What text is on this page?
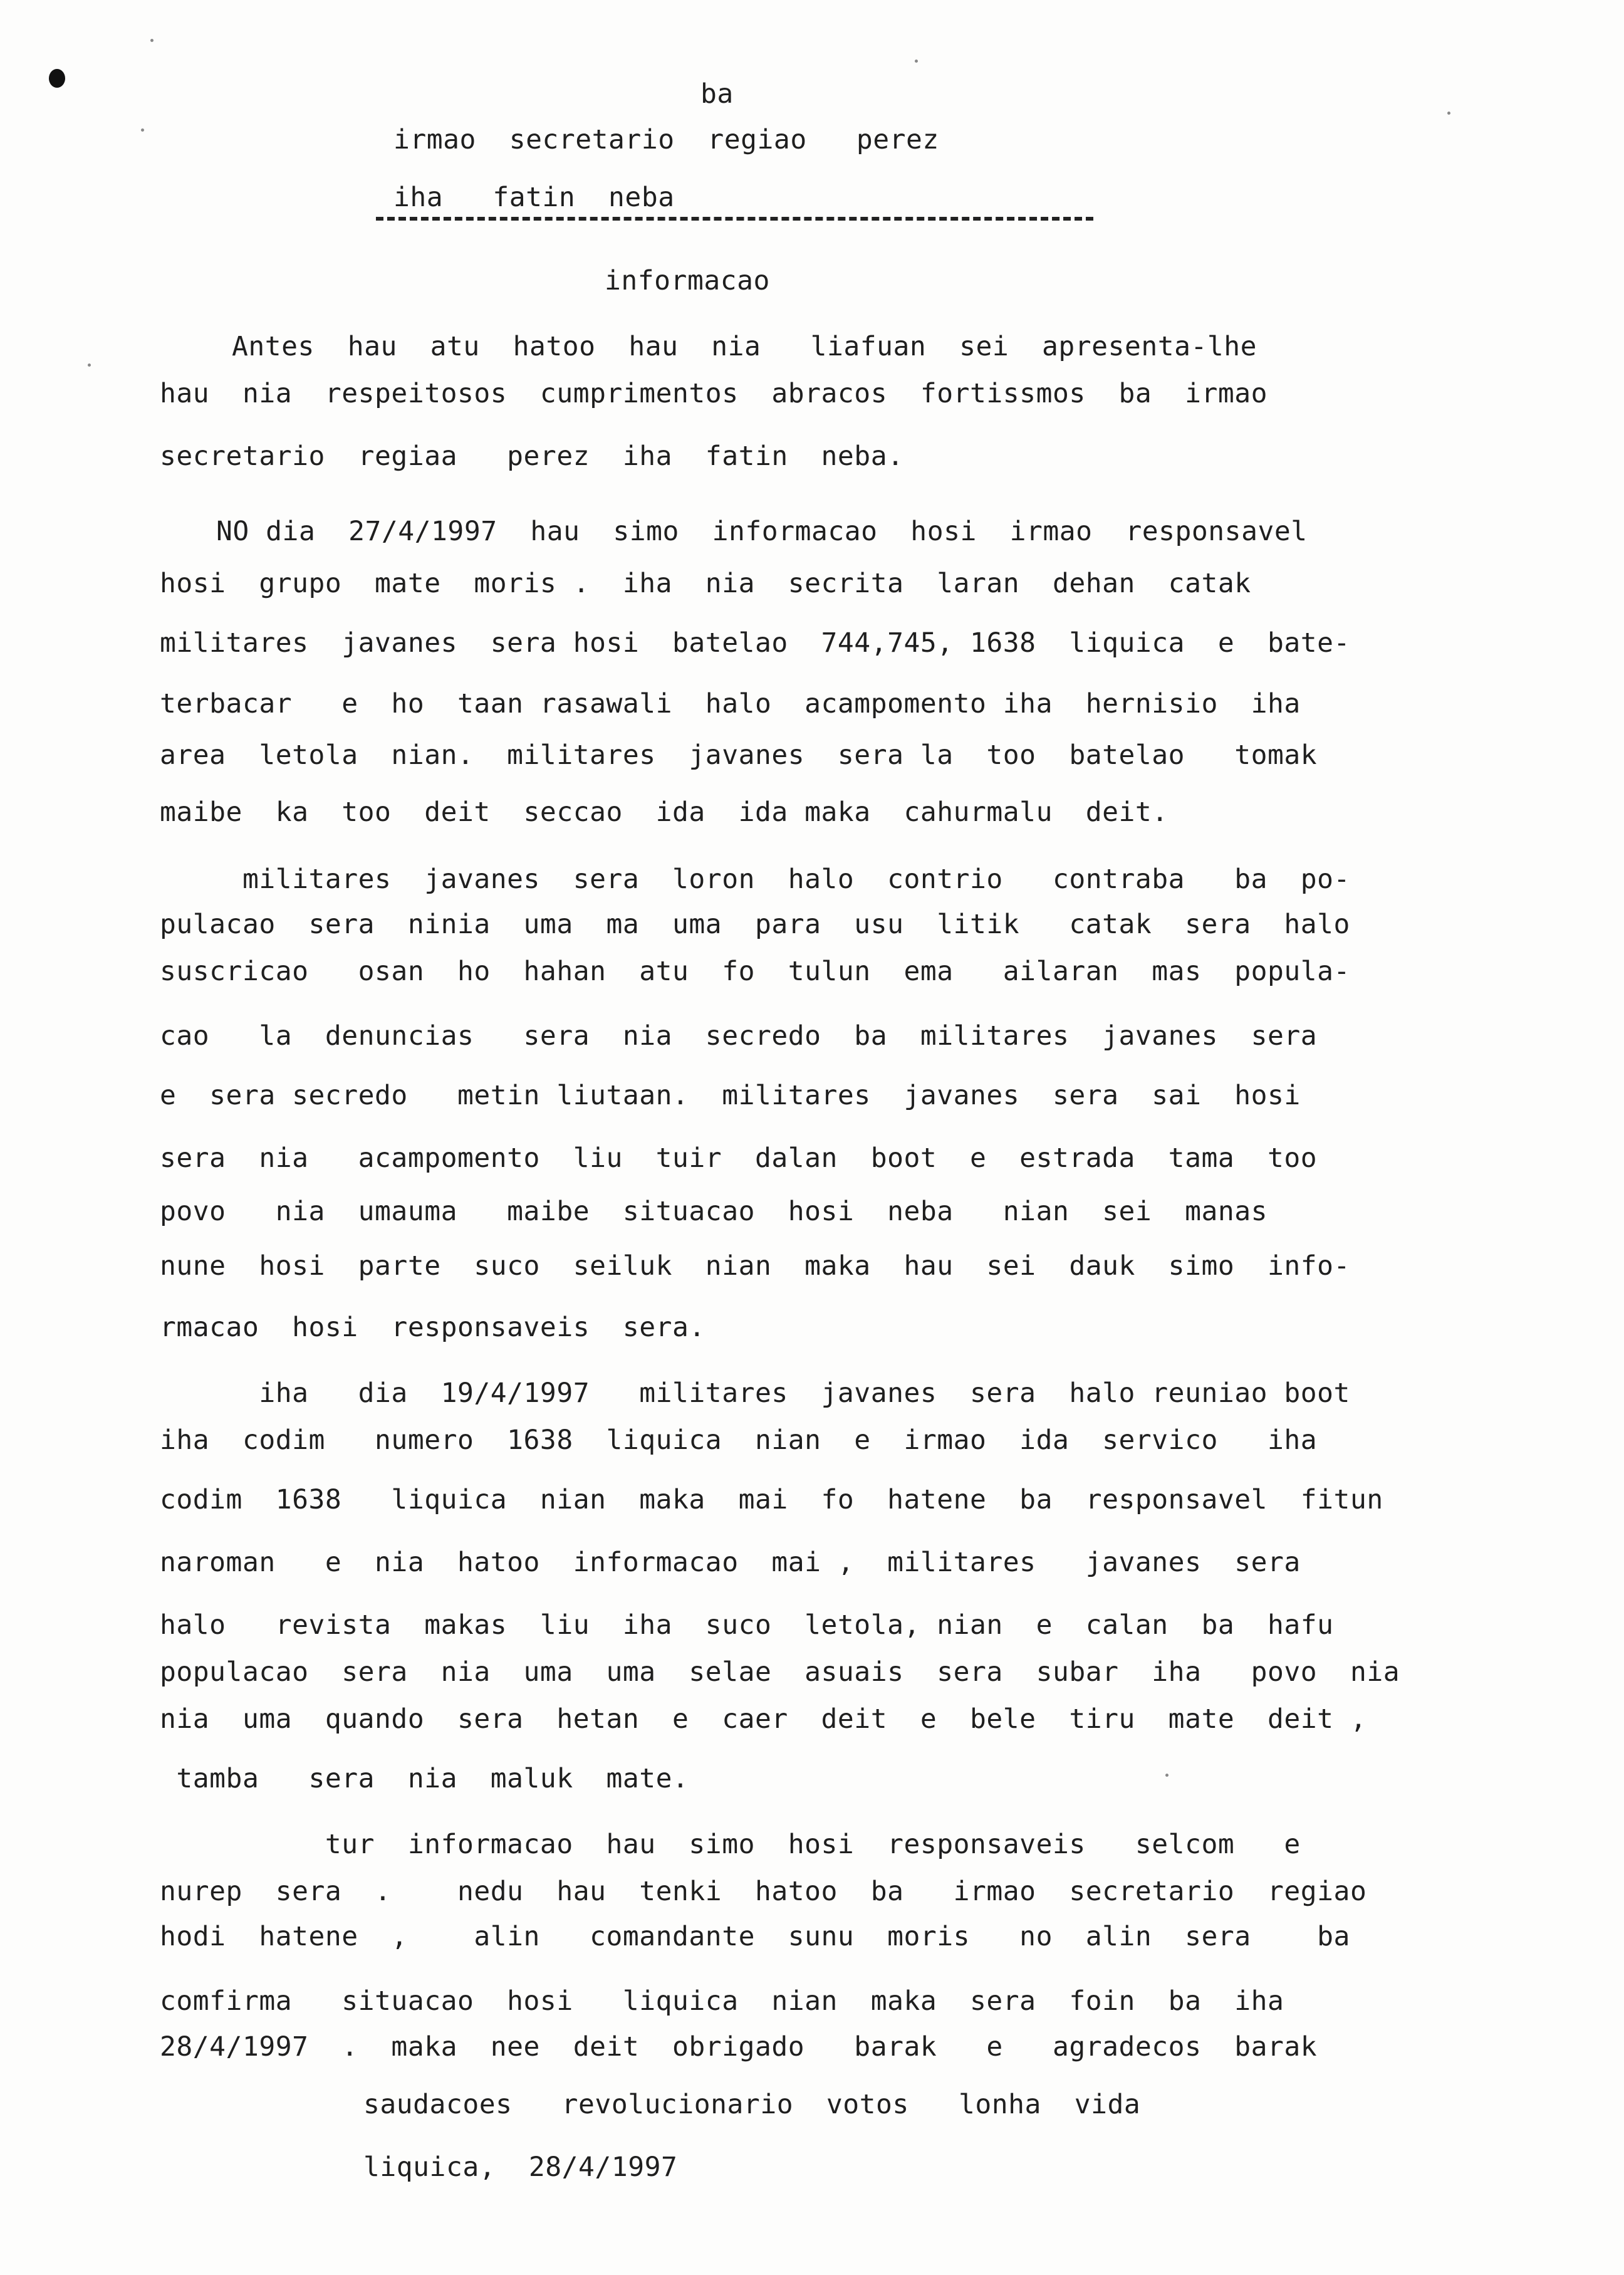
ba
irmao  secretario  regiao   perez
iha   fatin  neba
informacao
Antes  hau  atu  hatoo  hau  nia   liafuan  sei  apresenta-lhe
hau  nia  respeitosos  cumprimentos  abracos  fortissmos  ba  irmao
secretario  regiaa   perez  iha  fatin  neba.
NO dia  27/4/1997  hau  simo  informacao  hosi  irmao  responsavel
hosi  grupo  mate  moris .  iha  nia  secrita  laran  dehan  catak
militares  javanes  sera hosi  batelao  744,745, 1638  liquica  e  bate-
terbacar   e  ho  taan rasawali  halo  acampomento iha  hernisio  iha
area  letola  nian.  militares  javanes  sera la  too  batelao   tomak
maibe  ka  too  deit  seccao  ida  ida maka  cahurmalu  deit.
militares  javanes  sera  loron  halo  contrio   contraba   ba  po-
pulacao  sera  ninia  uma  ma  uma  para  usu  litik   catak  sera  halo
suscricao   osan  ho  hahan  atu  fo  tulun  ema   ailaran  mas  popula-
cao   la  denuncias   sera  nia  secredo  ba  militares  javanes  sera
e  sera secredo   metin liutaan.  militares  javanes  sera  sai  hosi
sera  nia   acampomento  liu  tuir  dalan  boot  e  estrada  tama  too
povo   nia  umauma   maibe  situacao  hosi  neba   nian  sei  manas
nune  hosi  parte  suco  seiluk  nian  maka  hau  sei  dauk  simo  info-
rmacao  hosi  responsaveis  sera.
iha   dia  19/4/1997   militares  javanes  sera  halo reuniao boot
iha  codim   numero  1638  liquica  nian  e  irmao  ida  servico   iha
codim  1638   liquica  nian  maka  mai  fo  hatene  ba  responsavel  fitun
naroman   e  nia  hatoo  informacao  mai ,  militares   javanes  sera
halo   revista  makas  liu  iha  suco  letola, nian  e  calan  ba  hafu
populacao  sera  nia  uma  uma  selae  asuais  sera  subar  iha   povo  nia
nia  uma  quando  sera  hetan  e  caer  deit  e  bele  tiru  mate  deit ,
tamba   sera  nia  maluk  mate.
tur  informacao  hau  simo  hosi  responsaveis   selcom   e
nurep  sera  .    nedu  hau  tenki  hatoo  ba   irmao  secretario  regiao
hodi  hatene  ,    alin   comandante  sunu  moris   no  alin  sera    ba
comfirma   situacao  hosi   liquica  nian  maka  sera  foin  ba  iha
28/4/1997  .  maka  nee  deit  obrigado   barak   e   agradecos  barak
saudacoes   revolucionario  votos   lonha  vida
liquica,  28/4/1997
